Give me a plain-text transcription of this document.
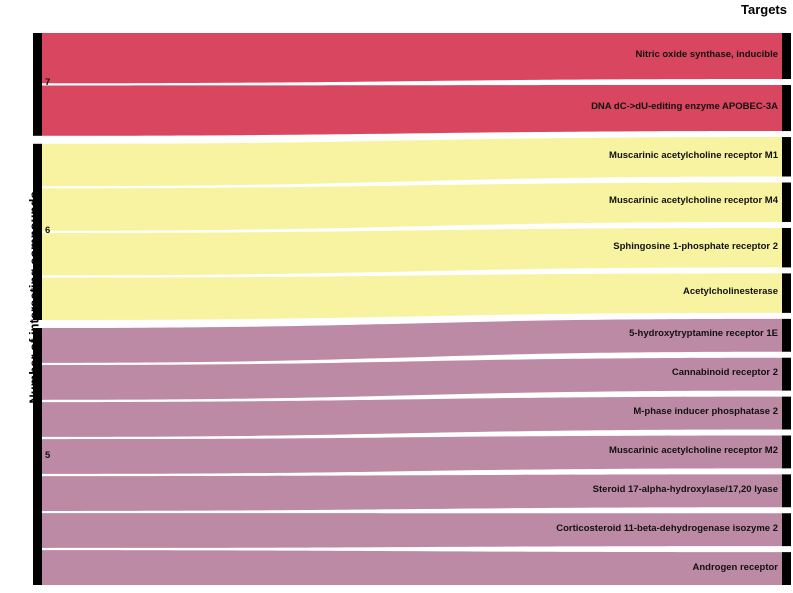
Targets
Number of interacting compounds
7
6
5
Nitric oxide synthase, inducible
DNA dC->dU-editing enzyme APOBEC-3A
Muscarinic acetylcholine receptor M1
Muscarinic acetylcholine receptor M4
Sphingosine 1-phosphate receptor 2
Acetylcholinesterase
5-hydroxytryptamine receptor 1E
Cannabinoid receptor 2
M-phase inducer phosphatase 2
Muscarinic acetylcholine receptor M2
Steroid 17-alpha-hydroxylase/17,20 lyase
Corticosteroid 11-beta-dehydrogenase isozyme 2
Androgen receptor
